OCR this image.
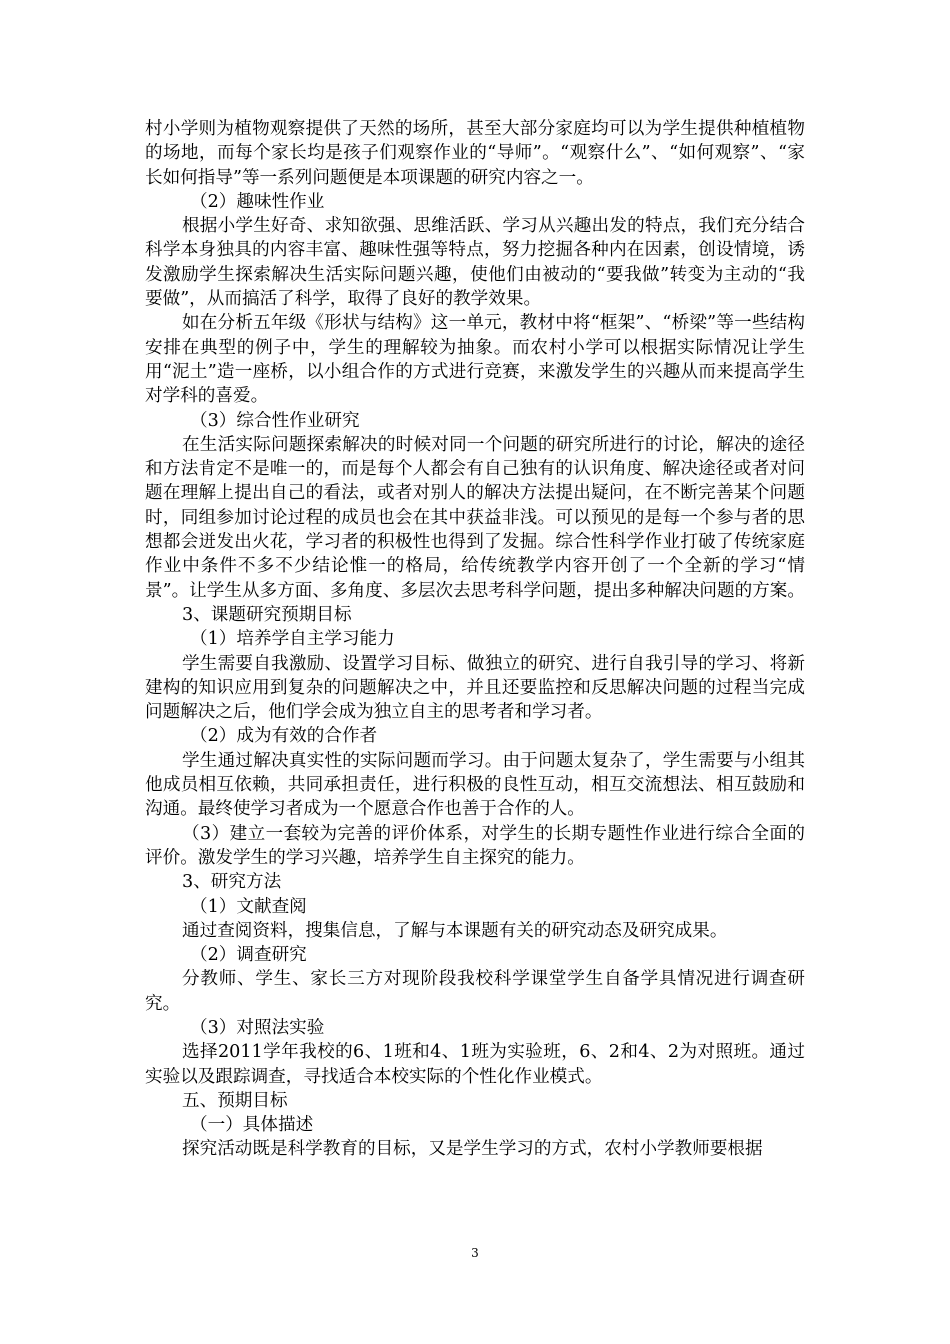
村小学则为植物观察提供了天然的场所，甚至大部分家庭均可以为学生提供种植植物的场地，而每个家长均是孩子们观察作业的“导师”。“观察什么”、“如何观察”、“家长如何指导”等一系列问题便是本项课题的研究内容之一。

（2）趣味性作业

根据小学生好奇、求知欲强、思维活跃、学习从兴趣出发的特点，我们充分结合科学本身独具的内容丰富、趣味性强等特点，努力挖掘各种内在因素，创设情境，诱发激励学生探索解决生活实际问题兴趣，使他们由被动的“要我做”转变为主动的“我要做”，从而搞活了科学，取得了良好的教学效果。

如在分析五年级《形状与结构》这一单元，教材中将“框架”、“桥梁”等一些结构安排在典型的例子中，学生的理解较为抽象。而农村小学可以根据实际情况让学生用“泥土”造一座桥，以小组合作的方式进行竞赛，来激发学生的兴趣从而来提高学生对学科的喜爱。

（3）综合性作业研究

在生活实际问题探索解决的时候对同一个问题的研究所进行的讨论，解决的途径和方法肯定不是唯一的，而是每个人都会有自己独有的认识角度、解决途径或者对问题在理解上提出自己的看法，或者对别人的解决方法提出疑问，在不断完善某个问题时，同组参加讨论过程的成员也会在其中获益非浅。可以预见的是每一个参与者的思想都会迸发出火花，学习者的积极性也得到了发掘。综合性科学作业打破了传统家庭作业中条件不多不少结论惟一的格局，给传统教学内容开创了一个全新的学习“情景”。让学生从多方面、多角度、多层次去思考科学问题，提出多种解决问题的方案。

3、课题研究预期目标

（1）培养学自主学习能力

学生需要自我激励、设置学习目标、做独立的研究、进行自我引导的学习、将新建构的知识应用到复杂的问题解决之中，并且还要监控和反思解决问题的过程当完成问题解决之后，他们学会成为独立自主的思考者和学习者。

（2）成为有效的合作者

学生通过解决真实性的实际问题而学习。由于问题太复杂了，学生需要与小组其他成员相互依赖，共同承担责任，进行积极的良性互动，相互交流想法、相互鼓励和沟通。最终使学习者成为一个愿意合作也善于合作的人。

（3）建立一套较为完善的评价体系，对学生的长期专题性作业进行综合全面的评价。激发学生的学习兴趣，培养学生自主探究的能力。

3、研究方法

（1）文献查阅

通过查阅资料，搜集信息，了解与本课题有关的研究动态及研究成果。

（2）调查研究

分教师、学生、家长三方对现阶段我校科学课堂学生自备学具情况进行调查研究。

（3）对照法实验

选择2011学年我校的6、1班和4、1班为实验班，6、2和4、2为对照班。通过实验以及跟踪调查，寻找适合本校实际的个性化作业模式。

五、预期目标

（一）具体描述

探究活动既是科学教育的目标，又是学生学习的方式，农村小学教师要根据

3
